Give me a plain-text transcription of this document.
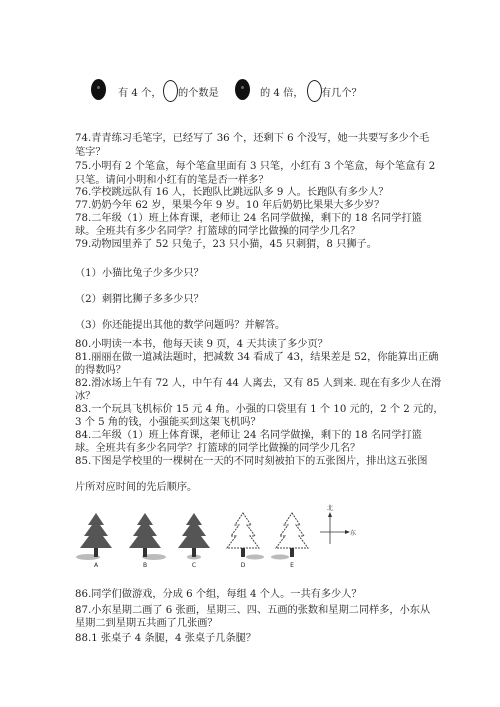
有 4 个， 的个数是	的 4 倍， 有几个？
74.青青练习毛笔字，已经写了 36 个，还剩下 6 个没写，她一共要写多少个毛
笔字？
75.小明有 2 个笔盒，每个笔盒里面有 3 只笔，小红有 3 个笔盒，每个笔盒有 2
只笔。请问小明和小红有的笔是否一样多？
76.学校跳远队有 16 人，长跑队比跳远队多 9 人。长跑队有多少人？
77.奶奶今年 62 岁，果果今年 9 岁。10 年后奶奶比果果大多少岁？
78.二年级（1）班上体育课，老师让 24 名同学做操，剩下的 18 名同学打篮
球。全班共有多少名同学？打篮球的同学比做操的同学少几名？
79.动物园里养了 52 只兔子，23 只小猫，45 只刺猬，8 只狮子。
（1）小猫比兔子少多少只？
（2）刺猬比狮子多多少只？
（3）你还能提出其他的数学问题吗？并解答。
80.小明读一本书，他每天读 9 页，4 天共读了多少页？
81.丽丽在做一道减法题时，把减数 34 看成了 43，结果差是 52，你能算出正确
的得数吗？
82.滑冰场上午有 72 人，中午有 44 人离去，又有 85 人到来. 现在有多少人在滑
冰？
83.一个玩具飞机标价 15 元 4 角。小强的口袋里有 1 个 10 元的，2 个 2 元的，
3 个 5 角的钱，小强能买到这架飞机吗？
84.二年级（1）班上体育课，老师让 24 名同学做操，剩下的 18 名同学打篮
球。全班共有多少名同学？打篮球的同学比做操的同学少几名？
85.下图是学校里的一棵树在一天的不同时刻被拍下的五张图片，排出这五张图
片所对应时间的先后顺序。
A	B	C	D	E
北
东
86.同学们做游戏，分成 6 个组，每组 4 个人。一共有多少人？
87.小东星期二画了 6 张画，星期三、四、五画的张数和星期二同样多，小东从
星期二到星期五共画了几张画？
88.1 张桌子 4 条腿，4 张桌子几条腿？
